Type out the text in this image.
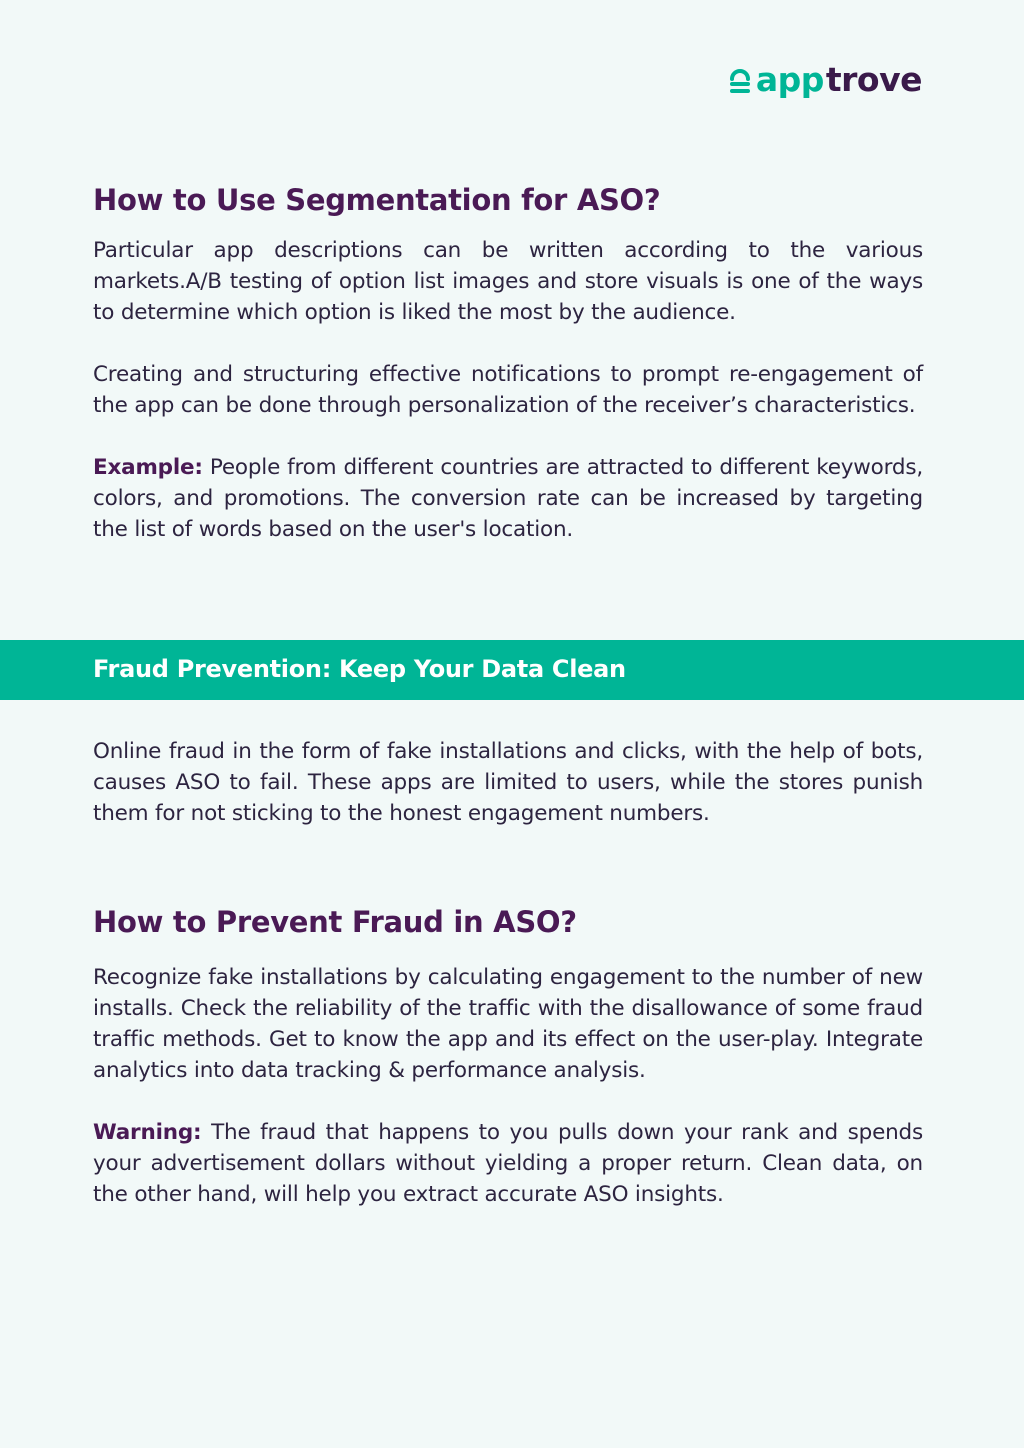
app trove
How to Use Segmentation for ASO?

Particular app descriptions can be written according to the various markets.A/B testing of option list images and store visuals is one of the ways to determine which option is liked the most by the audience.

Creating and structuring effective notifications to prompt re-engagement of the app can be done through personalization of the receiver’s characteristics.

Example: People from different countries are attracted to different keywords, colors, and promotions. The conversion rate can be increased by targeting the list of words based on the user's location.

Fraud Prevention: Keep Your Data Clean

Online fraud in the form of fake installations and clicks, with the help of bots, causes ASO to fail. These apps are limited to users, while the stores punish them for not sticking to the honest engagement numbers.

How to Prevent Fraud in ASO?

Recognize fake installations by calculating engagement to the number of new installs. Check the reliability of the traffic with the disallowance of some fraud traffic methods. Get to know the app and its effect on the user-play. Integrate analytics into data tracking & performance analysis.

Warning: The fraud that happens to you pulls down your rank and spends your advertisement dollars without yielding a proper return. Clean data, on the other hand, will help you extract accurate ASO insights.
